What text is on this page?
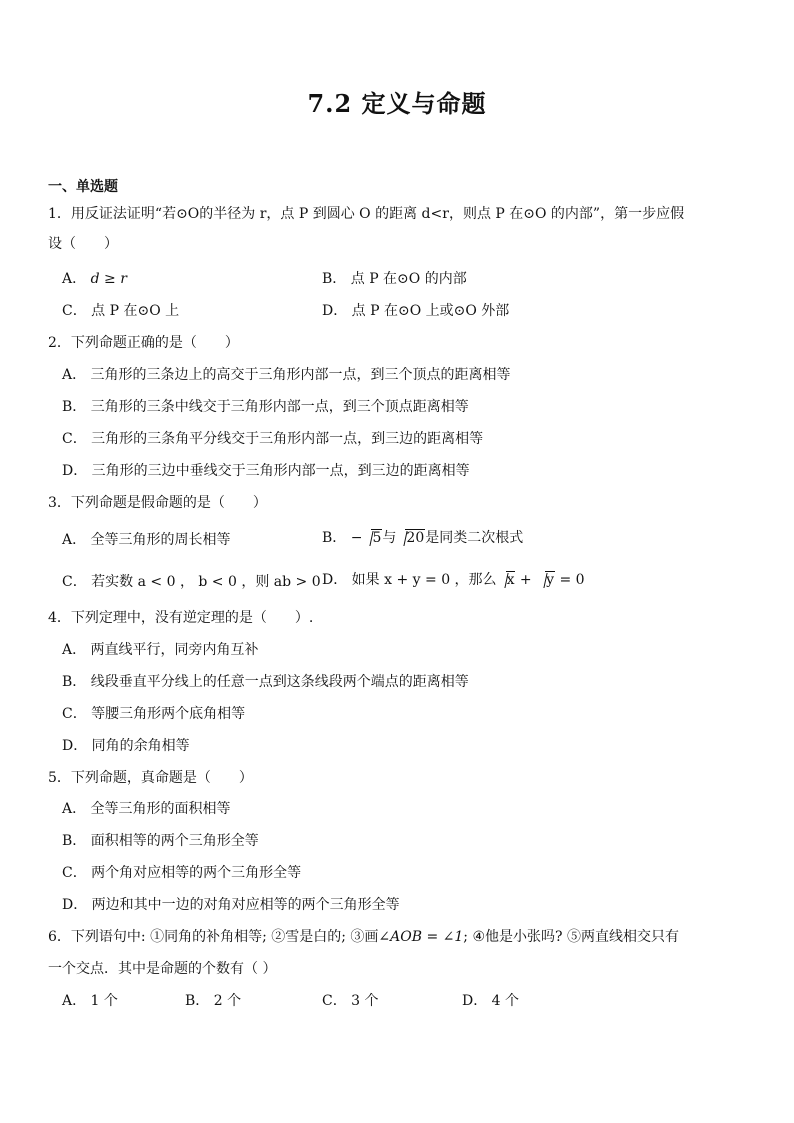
7.2 定义与命题
一、单选题
1．用反证法证明“若⊙O的半径为 r，点 P 到圆心 O 的距离 d<r，则点 P 在⊙O 的内部”，第一步应假
设（　　）
A． d ≥ r	B． 点 P 在⊙O 的内部
C． 点 P 在⊙O 上	D． 点 P 在⊙O 上或⊙O 外部
2．下列命题正确的是（　　）
A． 三角形的三条边上的高交于三角形内部一点，到三个顶点的距离相等
B． 三角形的三条中线交于三角形内部一点，到三个顶点距离相等
C． 三角形的三条角平分线交于三角形内部一点，到三边的距离相等
D． 三角形的三边中垂线交于三角形内部一点，到三边的距离相等
3．下列命题是假命题的是（　　）
A． 全等三角形的周长相等	B． − 5与 20是同类二次根式
C． 若实数 a < 0 ， b < 0 ，则 ab > 0 D． 如果 x + y = 0 ，那么 x + y = 0
4．下列定理中，没有逆定理的是（　　）.
A． 两直线平行，同旁内角互补
B． 线段垂直平分线上的任意一点到这条线段两个端点的距离相等
C． 等腰三角形两个底角相等
D． 同角的余角相等
5．下列命题，真命题是（　　）
A． 全等三角形的面积相等
B． 面积相等的两个三角形全等
C． 两个角对应相等的两个三角形全等
D． 两边和其中一边的对角对应相等的两个三角形全等
6．下列语句中: ①同角的补角相等; ②雪是白的; ③画∠AOB = ∠1; ④他是小张吗? ⑤两直线相交只有
一个交点．其中是命题的个数有（ ）
A． 1 个	B． 2 个	C． 3 个	D． 4 个
